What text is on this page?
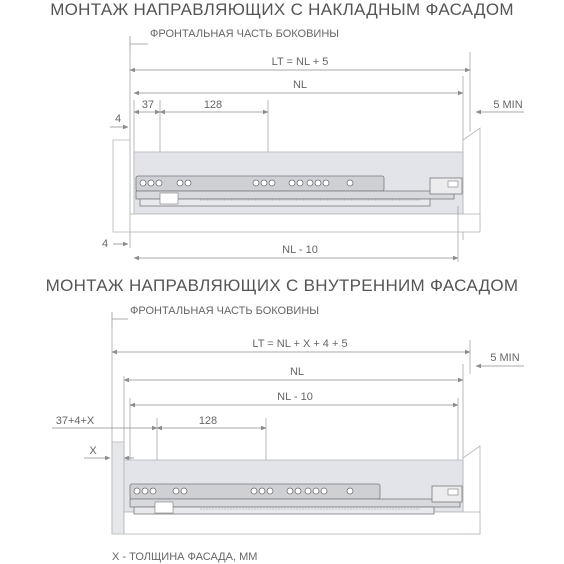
МОНТАЖ НАПРАВЛЯЮЩИХ С НАКЛАДНЫМ ФАСАДОМ
МОНТАЖ НАПРАВЛЯЮЩИХ С ВНУТРЕННИМ ФАСАДОМ
ФРОНТАЛЬНАЯ ЧАСТЬ БОКОВИНЫ
LT = NL + 5
NL
37	128
4
5 MIN
4	NL - 10
ФРОНТАЛЬНАЯ ЧАСТЬ БОКОВИНЫ
LT = NL + X + 4 + 5
5 MIN
NL
NL - 10
37+4+X	128
X
X - ТОЛЩИНА ФАСАДА, ММ
